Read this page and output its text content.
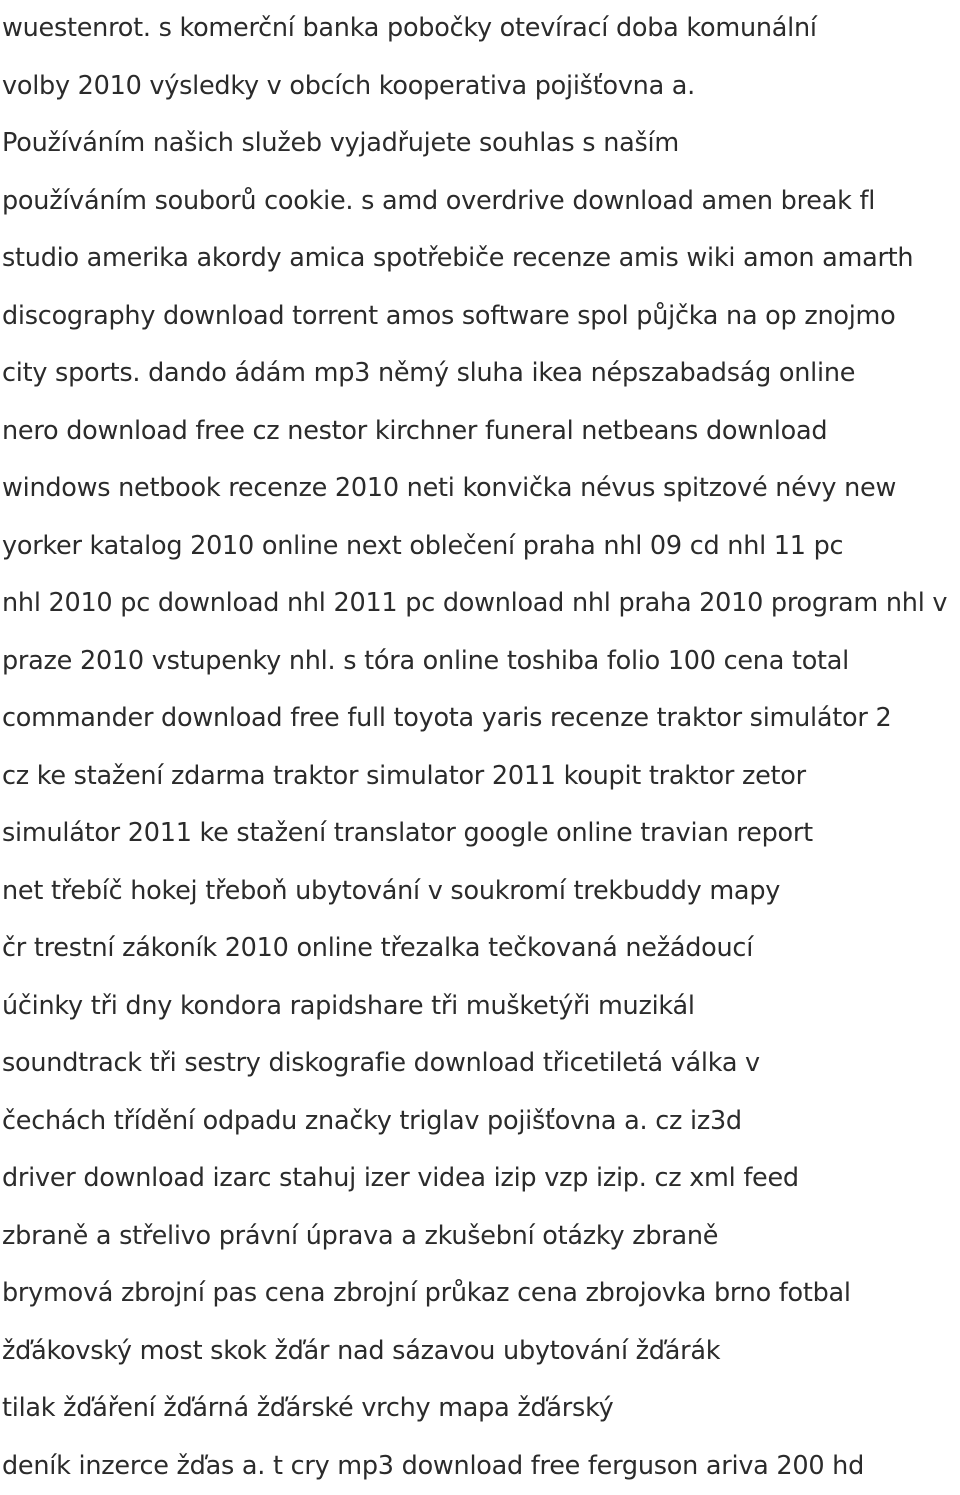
wuestenrot. s komerční banka pobočky otevírací doba komunální
volby 2010 výsledky v obcích kooperativa pojišťovna a.
Používáním našich služeb vyjadřujete souhlas s naším
používáním souborů cookie. s amd overdrive download amen break fl
studio amerika akordy amica spotřebiče recenze amis wiki amon amarth
discography download torrent amos software spol půjčka na op znojmo
city sports. dando ádám mp3 němý sluha ikea népszabadság online
nero download free cz nestor kirchner funeral netbeans download
windows netbook recenze 2010 neti konvička névus spitzové névy new
yorker katalog 2010 online next oblečení praha nhl 09 cd nhl 11 pc
nhl 2010 pc download nhl 2011 pc download nhl praha 2010 program nhl v
praze 2010 vstupenky nhl. s tóra online toshiba folio 100 cena total
commander download free full toyota yaris recenze traktor simulátor 2
cz ke stažení zdarma traktor simulator 2011 koupit traktor zetor
simulátor 2011 ke stažení translator google online travian report
net třebíč hokej třeboň ubytování v soukromí trekbuddy mapy
čr trestní zákoník 2010 online třezalka tečkovaná nežádoucí
účinky tři dny kondora rapidshare tři mušketýři muzikál
soundtrack tři sestry diskografie download třicetiletá válka v
čechách třídění odpadu značky triglav pojišťovna a. cz iz3d
driver download izarc stahuj izer videa izip vzp izip. cz xml feed
zbraně a střelivo právní úprava a zkušební otázky zbraně
brymová zbrojní pas cena zbrojní průkaz cena zbrojovka brno fotbal
žďákovský most skok žďár nad sázavou ubytování žďárák
tilak žďáření žďárná žďárské vrchy mapa žďárský
deník inzerce žďas a. t cry mp3 download free ferguson ariva 200 hd
